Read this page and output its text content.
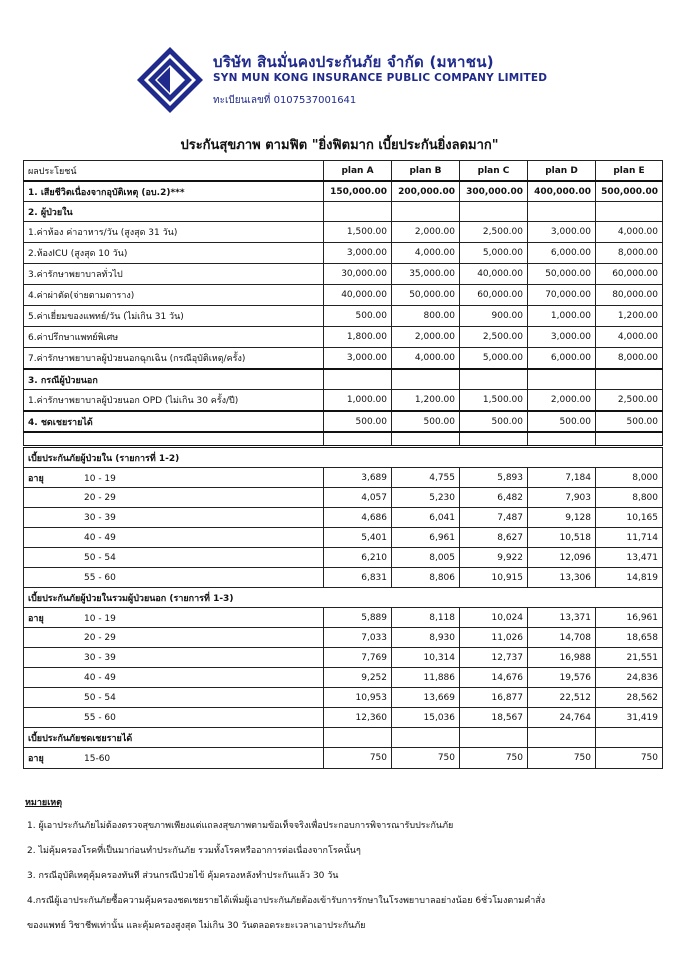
บริษัท สินมั่นคงประกันภัย จำกัด (มหาชน)
SYN MUN KONG INSURANCE PUBLIC COMPANY LIMITED
ทะเบียนเลขที่ 0107537001641
ประกันสุขภาพ ตามฟิต "ยิ่งฟิตมาก เบี้ยประกันยิ่งลดมาก"
ผลประโยชน์	plan A	plan B	plan C	plan D	plan E
1. เสียชีวิตเนื่องจากอุบัติเหตุ (อบ.2)***	150,000.00	200,000.00	300,000.00	400,000.00	500,000.00
2. ผู้ป่วยใน					
1.ค่าห้อง ค่าอาหาร/วัน (สูงสุด 31 วัน)	1,500.00	2,000.00	2,500.00	3,000.00	4,000.00
2.ห้องICU (สูงสุด 10 วัน)	3,000.00	4,000.00	5,000.00	6,000.00	8,000.00
3.ค่ารักษาพยาบาลทั่วไป	30,000.00	35,000.00	40,000.00	50,000.00	60,000.00
4.ค่าผ่าตัด(จ่ายตามตาราง)	40,000.00	50,000.00	60,000.00	70,000.00	80,000.00
5.ค่าเยี่ยมของแพทย์/วัน (ไม่เกิน 31 วัน)	500.00	800.00	900.00	1,000.00	1,200.00
6.ค่าปรึกษาแพทย์พิเศษ	1,800.00	2,000.00	2,500.00	3,000.00	4,000.00
7.ค่ารักษาพยาบาลผู้ป่วยนอกฉุกเฉิน (กรณีอุบัติเหตุ/ครั้ง)	3,000.00	4,000.00	5,000.00	6,000.00	8,000.00
3. กรณีผู้ป่วยนอก					
1.ค่ารักษาพยาบาลผู้ป่วยนอก OPD (ไม่เกิน 30 ครั้ง/ปี)	1,000.00	1,200.00	1,500.00	2,000.00	2,500.00
4. ชดเชยรายได้	500.00	500.00	500.00	500.00	500.00

เบี้ยประกันภัยผู้ป่วยใน (รายการที่ 1-2)					
อายุ 10 - 19	3,689	4,755	5,893	7,184	8,000
20 - 29	4,057	5,230	6,482	7,903	8,800
30 - 39	4,686	6,041	7,487	9,128	10,165
40 - 49	5,401	6,961	8,627	10,518	11,714
50 - 54	6,210	8,005	9,922	12,096	13,471
55 - 60	6,831	8,806	10,915	13,306	14,819
เบี้ยประกันภัยผู้ป่วยในรวมผู้ป่วยนอก (รายการที่ 1-3)					
อายุ 10 - 19	5,889	8,118	10,024	13,371	16,961
20 - 29	7,033	8,930	11,026	14,708	18,658
30 - 39	7,769	10,314	12,737	16,988	21,551
40 - 49	9,252	11,886	14,676	19,576	24,836
50 - 54	10,953	13,669	16,877	22,512	28,562
55 - 60	12,360	15,036	18,567	24,764	31,419
เบี้ยประกันภัยชดเชยรายได้					
อายุ 15-60	750	750	750	750	750
หมายเหตุ
1. ผู้เอาประกันภัยไม่ต้องตรวจสุขภาพเพียงแต่แถลงสุขภาพตามข้อเท็จจริงเพื่อประกอบการพิจารณารับประกันภัย
2. ไม่คุ้มครองโรคที่เป็นมาก่อนทำประกันภัย รวมทั้งโรคหรืออาการต่อเนื่องจากโรคนั้นๆ
3. กรณีอุบัติเหตุคุ้มครองทันที ส่วนกรณีป่วยไข้ คุ้มครองหลังทำประกันแล้ว 30 วัน
4.กรณีผู้เอาประกันภัยซื้อความคุ้มครองชดเชยรายได้เพิ่มผู้เอาประกันภัยต้องเข้ารับการรักษาในโรงพยาบาลอย่างน้อย 6ชั่วโมงตามคำสั่ง
ของแพทย์ วิชาชีพเท่านั้น และคุ้มครองสูงสุด ไม่เกิน 30 วันตลอดระยะเวลาเอาประกันภัย
